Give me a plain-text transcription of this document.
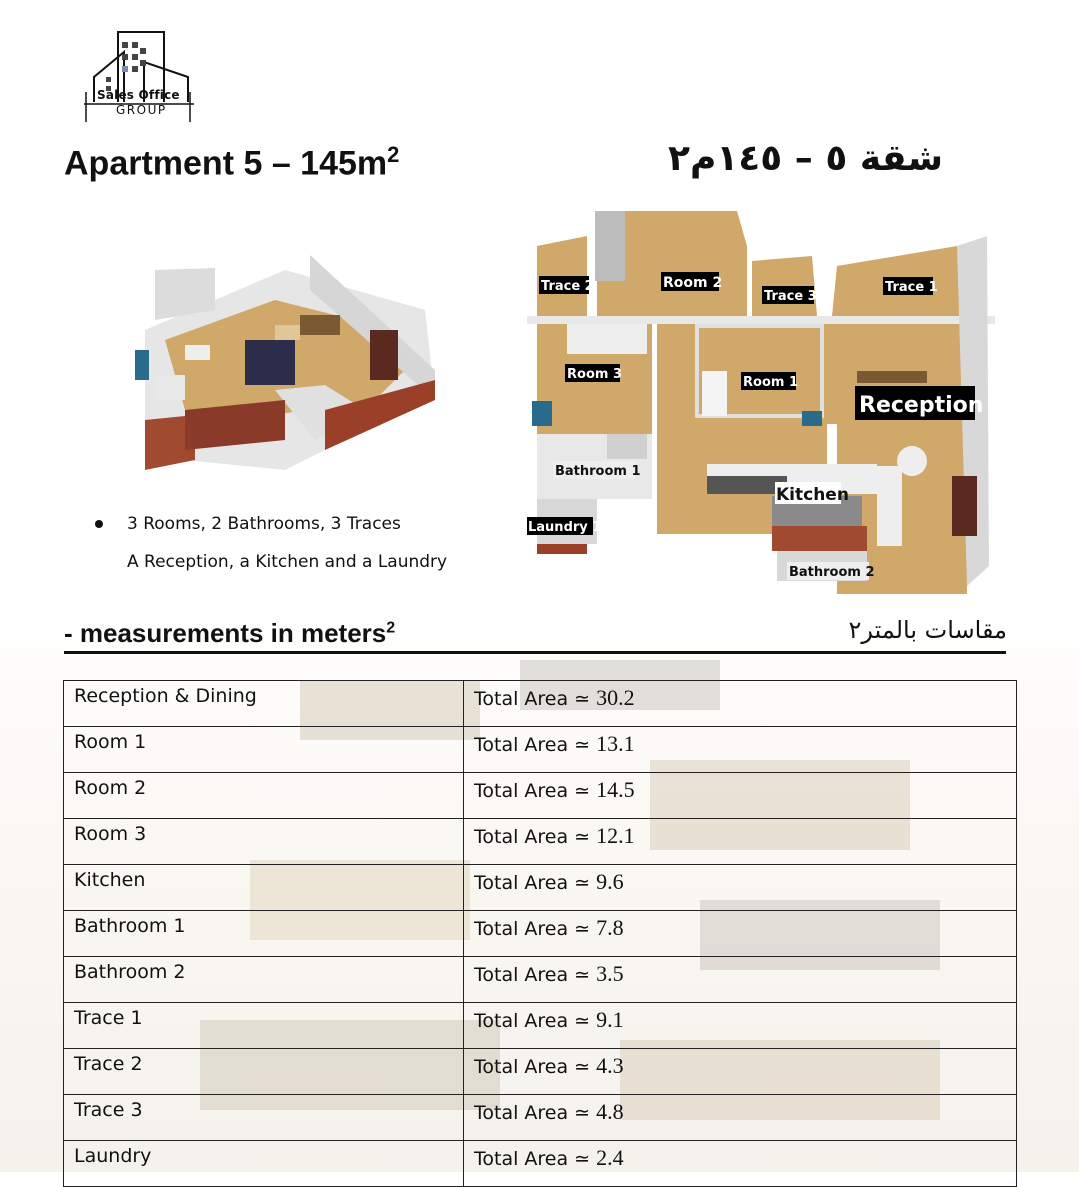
Sales Office
GROUP
Apartment $5 - 145m^2$	شقة ٥ – ١٤٥م٢
Trace 2	Room 2
Trace 3
Trace 1
Room 3
Room 1
Reception
Bathroom 1
Kitchen
Laundry 1
Bathroom 2
3 Rooms, 2 Bathrooms, 3 Traces
A Reception, a Kitchen and a Laundry
- measurements in meters$^2$	مقاسات بالمتر٢
Reception & Dining	Total Area ≃ 30.2
Room 1	Total Area ≃ 13.1
Room 2	Total Area ≃ 14.5
Room 3	Total Area ≃ 12.1
Kitchen	Total Area ≃ 9.6
Bathroom 1	Total Area ≃ 7.8
Bathroom 2	Total Area ≃ 3.5
Trace 1	Total Area ≃ 9.1
Trace 2	Total Area ≃ 4.3
Trace 3	Total Area ≃ 4.8
Laundry	Total Area ≃ 2.4
